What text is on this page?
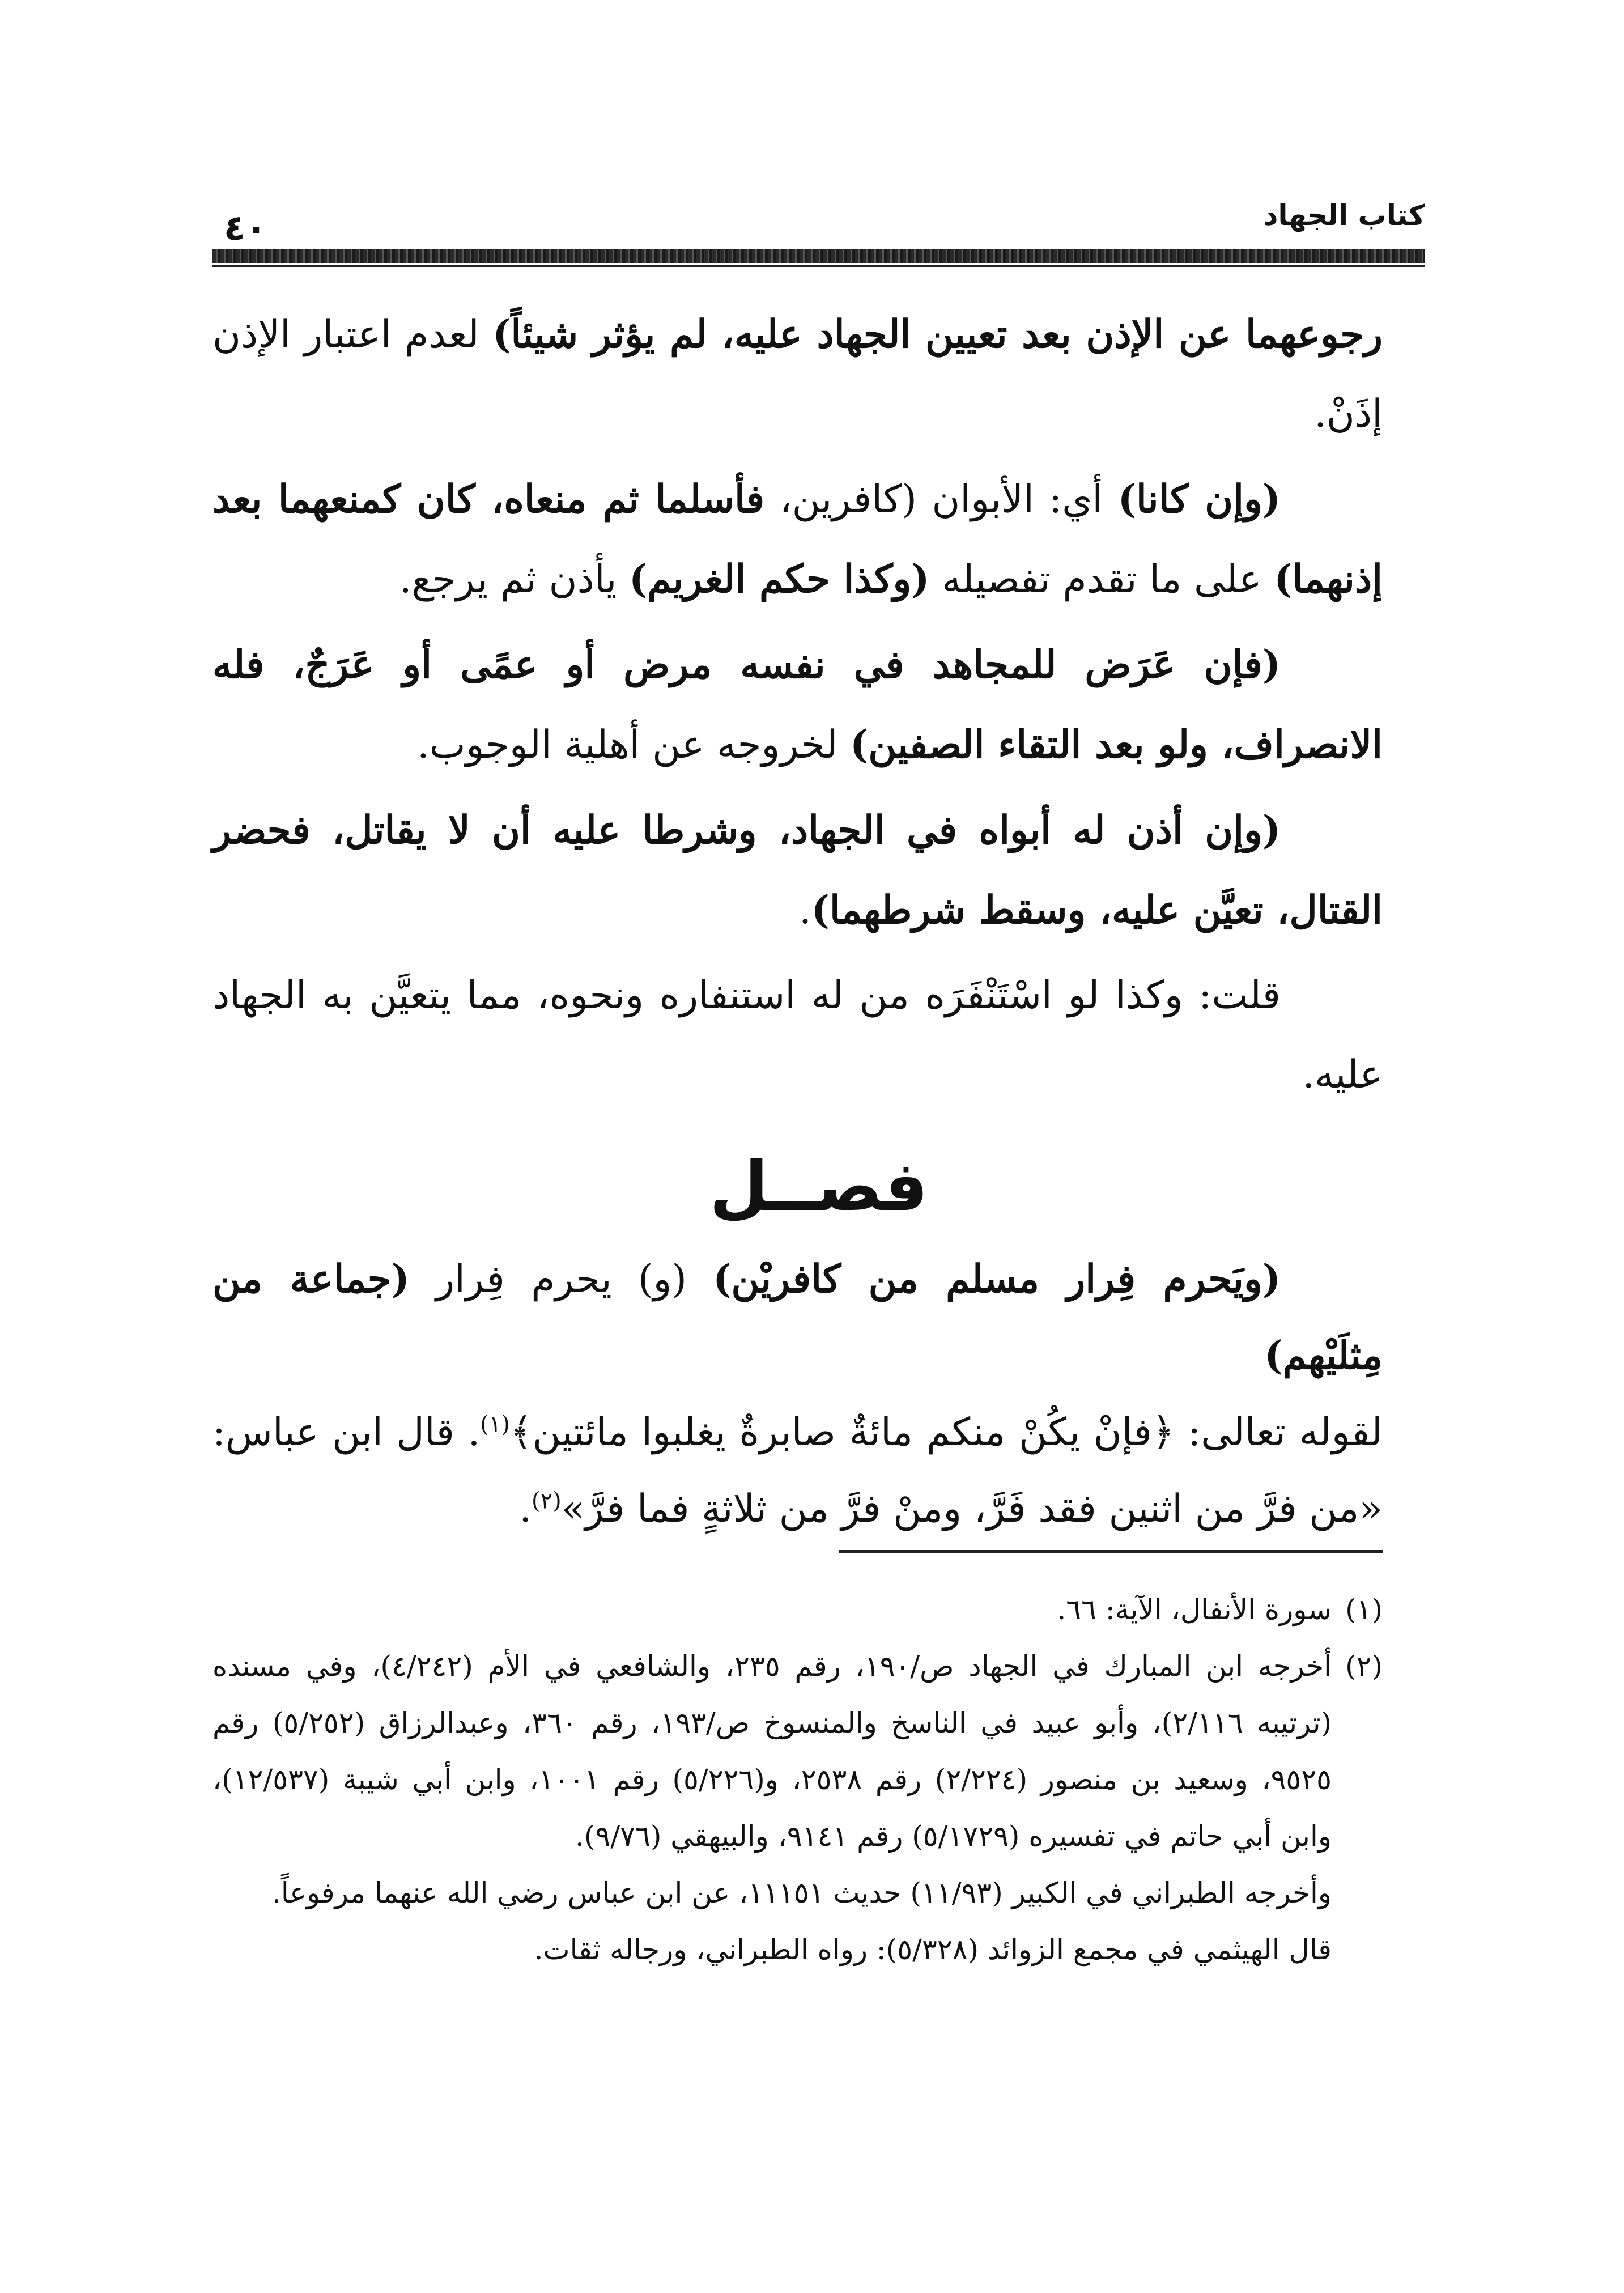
كتاب الجهاد
٤٠

رجوعهما عن الإذن بعد تعيين الجهاد عليه، لم يؤثر شيئاً) لعدم اعتبار الإذن إذَنْ.

(وإن كانا) أي: الأبوان (كافرين، فأسلما ثم منعاه، كان كمنعهما بعد إذنهما) على ما تقدم تفصيله (وكذا حكم الغريم) يأذن ثم يرجع.

(فإن عَرَض للمجاهد في نفسه مرض أو عمًى أو عَرَجٌ، فله الانصراف، ولو بعد التقاء الصفين) لخروجه عن أهلية الوجوب.

(وإن أذن له أبواه في الجهاد، وشرطا عليه أن لا يقاتل، فحضر القتال، تعيَّن عليه، وسقط شرطهما).

قلت: وكذا لو اسْتَنْفَرَه من له استنفاره ونحوه، مما يتعيَّن به الجهاد عليه.

فصــل

(ويَحرم فِرار مسلم من كافريْن) (و) يحرم فِرار (جماعة من مِثلَيْهم)

لقوله تعالى: ﴿فإنْ يكُنْ منكم مائةٌ صابرةٌ يغلبوا مائتين﴾$^{(١)}$. قال ابن عباس: «من فرَّ من اثنين فقد فَرَّ، ومنْ فرَّ من ثلاثةٍ فما فرَّ»$^{(٢)}$.

(١)
سورة الأنفال، الآية: ٦٦.

(٢)
أخرجه ابن المبارك في الجهاد ص/١٩٠، رقم ٢٣٥، والشافعي في الأم (٤/٢٤٢)، وفي مسنده (ترتيبه ٢/١١٦)، وأبو عبيد في الناسخ والمنسوخ ص/١٩٣، رقم ٣٦٠، وعبدالرزاق (٥/٢٥٢) رقم ٩٥٢٥، وسعيد بن منصور (٢/٢٢٤) رقم ٢٥٣٨، و(٥/٢٢٦) رقم ١٠٠١، وابن أبي شيبة (١٢/٥٣٧)، وابن أبي حاتم في تفسيره (٥/١٧٢٩) رقم ٩١٤١، والبيهقي (٩/٧٦).

وأخرجه الطبراني في الكبير (١١/٩٣) حديث ١١١٥١، عن ابن عباس رضي الله عنهما مرفوعاً.

قال الهيثمي في مجمع الزوائد (٥/٣٢٨): رواه الطبراني، ورجاله ثقات.
